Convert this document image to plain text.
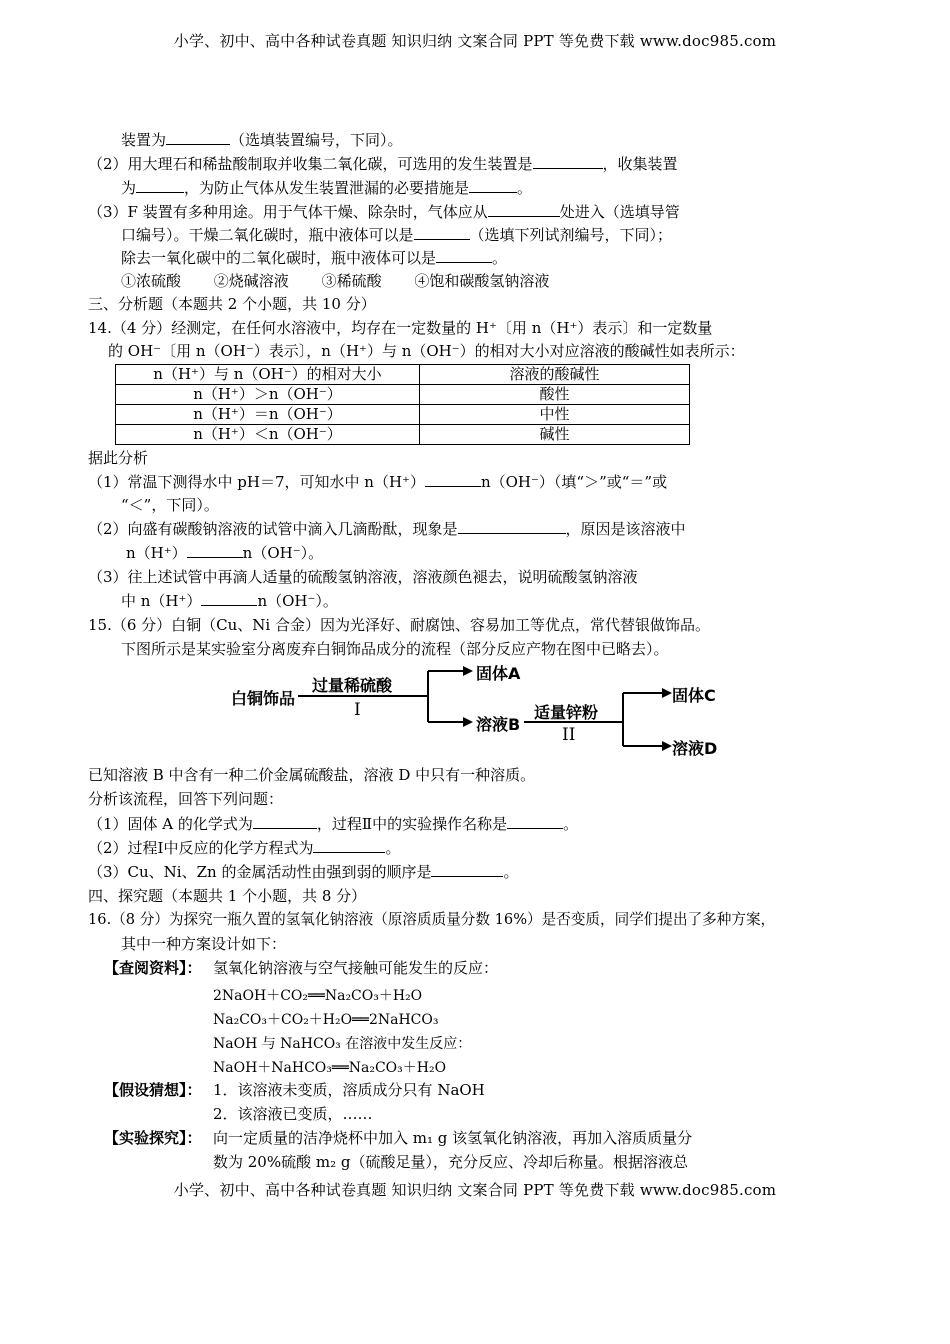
小学、初中、高中各种试卷真题 知识归纳 文案合同 PPT 等免费下载 www.doc985.com
装置为	（选填装置编号，下同）。
（2）用大理石和稀盐酸制取并收集二氧化碳，可选用的发生装置是	，收集装置
为	，为防止气体从发生装置泄漏的必要措施是	。
（3）F 装置有多种用途。用于气体干燥、除杂时，气体应从	处进入（选填导管
口编号）。干燥二氧化碳时，瓶中液体可以是	（选填下列试剂编号，下同）；
除去一氧化碳中的二氧化碳时，瓶中液体可以是	。
①浓硫酸 ②烧碱溶液 ③稀硫酸 ④饱和碳酸氢钠溶液
三、分析题（本题共 2 个小题，共 10 分）
14.（4 分）经测定，在任何水溶液中，均存在一定数量的 H⁺〔用 n（H⁺）表示〕和一定数量
的 OH⁻〔用 n（OH⁻）表示〕，n（H⁺）与 n（OH⁻）的相对大小对应溶液的酸碱性如表所示：
n（H⁺）与 n（OH⁻）的相对大小	溶液的酸碱性
n（H⁺）＞n（OH⁻）	酸性
n（H⁺）＝n（OH⁻）	中性
n（H⁺）＜n（OH⁻）	碱性
据此分析
（1）常温下测得水中 pH＝7，可知水中 n（H⁺）	n（OH⁻）（填“＞”或“＝”或
“＜”，下同）。
（2）向盛有碳酸钠溶液的试管中滴入几滴酚酞，现象是	，原因是该溶液中
n（H⁺）	n（OH⁻）。
（3）往上述试管中再滴人适量的硫酸氢钠溶液，溶液颜色褪去，说明硫酸氢钠溶液
中 n（H⁺）	n（OH⁻）。
15.（6 分）白铜（Cu、Ni 合金）因为光泽好、耐腐蚀、容易加工等优点，常代替银做饰品。
下图所示是某实验室分离废弃白铜饰品成分的流程（部分反应产物在图中已略去）。
白铜饰品
过量稀硫酸
I
固体A
溶液B
适量锌粉
II
固体C
溶液D
已知溶液 B 中含有一种二价金属硫酸盐，溶液 D 中只有一种溶质。
分析该流程，回答下列问题：
（1）固体 A 的化学式为	，过程Ⅱ中的实验操作名称是	。
（2）过程Ⅰ中反应的化学方程式为	。
（3）Cu、Ni、Zn 的金属活动性由强到弱的顺序是	。
四、探究题（本题共 1 个小题，共 8 分）
16.（8 分）为探究一瓶久置的氢氧化钠溶液（原溶质质量分数 16%）是否变质，同学们提出了多种方案，
其中一种方案设计如下：
【查阅资料】： 氢氧化钠溶液与空气接触可能发生的反应：
2NaOH＋CO₂══Na₂CO₃＋H₂O
Na₂CO₃＋CO₂＋H₂O══2NaHCO₃
NaOH 与 NaHCO₃ 在溶液中发生反应：
NaOH＋NaHCO₃══Na₂CO₃＋H₂O
【假设猜想】： 1．该溶液未变质，溶质成分只有 NaOH
2．该溶液已变质，……
【实验探究】： 向一定质量的洁净烧杯中加入 m₁ g 该氢氧化钠溶液，再加入溶质质量分
数为 20%硫酸 m₂ g（硫酸足量），充分反应、冷却后称量。根据溶液总
小学、初中、高中各种试卷真题 知识归纳 文案合同 PPT 等免费下载 www.doc985.com
